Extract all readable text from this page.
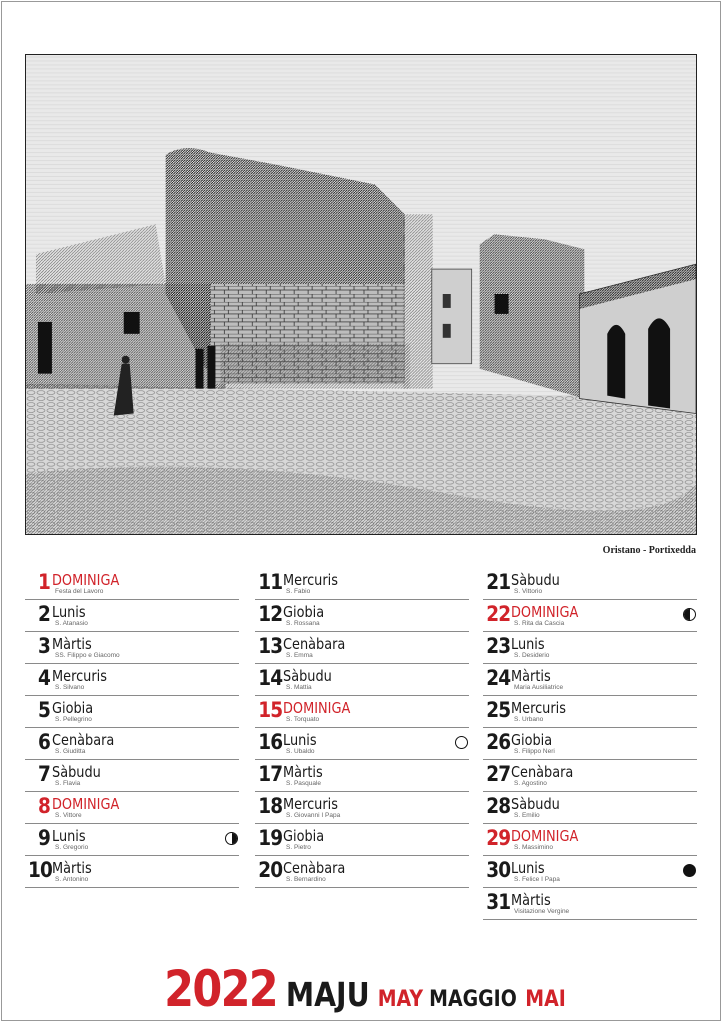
Oristano - Portixedda
1 DOMINIGA
Festa del Lavoro
2 Lunis
S. Atanasio
3 Màrtis
SS. Filippo e Giacomo
4 Mercuris
S. Silvano
5 Giobia
S. Pellegrino
6 Cenàbara
S. Giuditta
7 Sàbudu
S. Flavia
8 DOMINIGA
S. Vittore
9 Lunis
S. Gregorio
10 Màrtis
S. Antonino
11 Mercuris
S. Fabio
12 Giobia
S. Rossana
13 Cenàbara
S. Emma
14 Sàbudu
S. Mattia
15 DOMINIGA
S. Torquato
16 Lunis
S. Ubaldo
17 Màrtis
S. Pasquale
18 Mercuris
S. Giovanni I Papa
19 Giobia
S. Pietro
20 Cenàbara
S. Bernardino
21 Sàbudu
S. Vittorio
22 DOMINIGA
S. Rita da Cascia
23 Lunis
S. Desiderio
24 Màrtis
Maria Ausiliatrice
25 Mercuris
S. Urbano
26 Giobia
S. Filippo Neri
27 Cenàbara
S. Agostino
28 Sàbudu
S. Emilio
29 DOMINIGA
S. Massimino
30 Lunis
S. Felice I Papa
31 Màrtis
Visitazione Vergine
2022 MAJU MAY MAGGIO MAI
